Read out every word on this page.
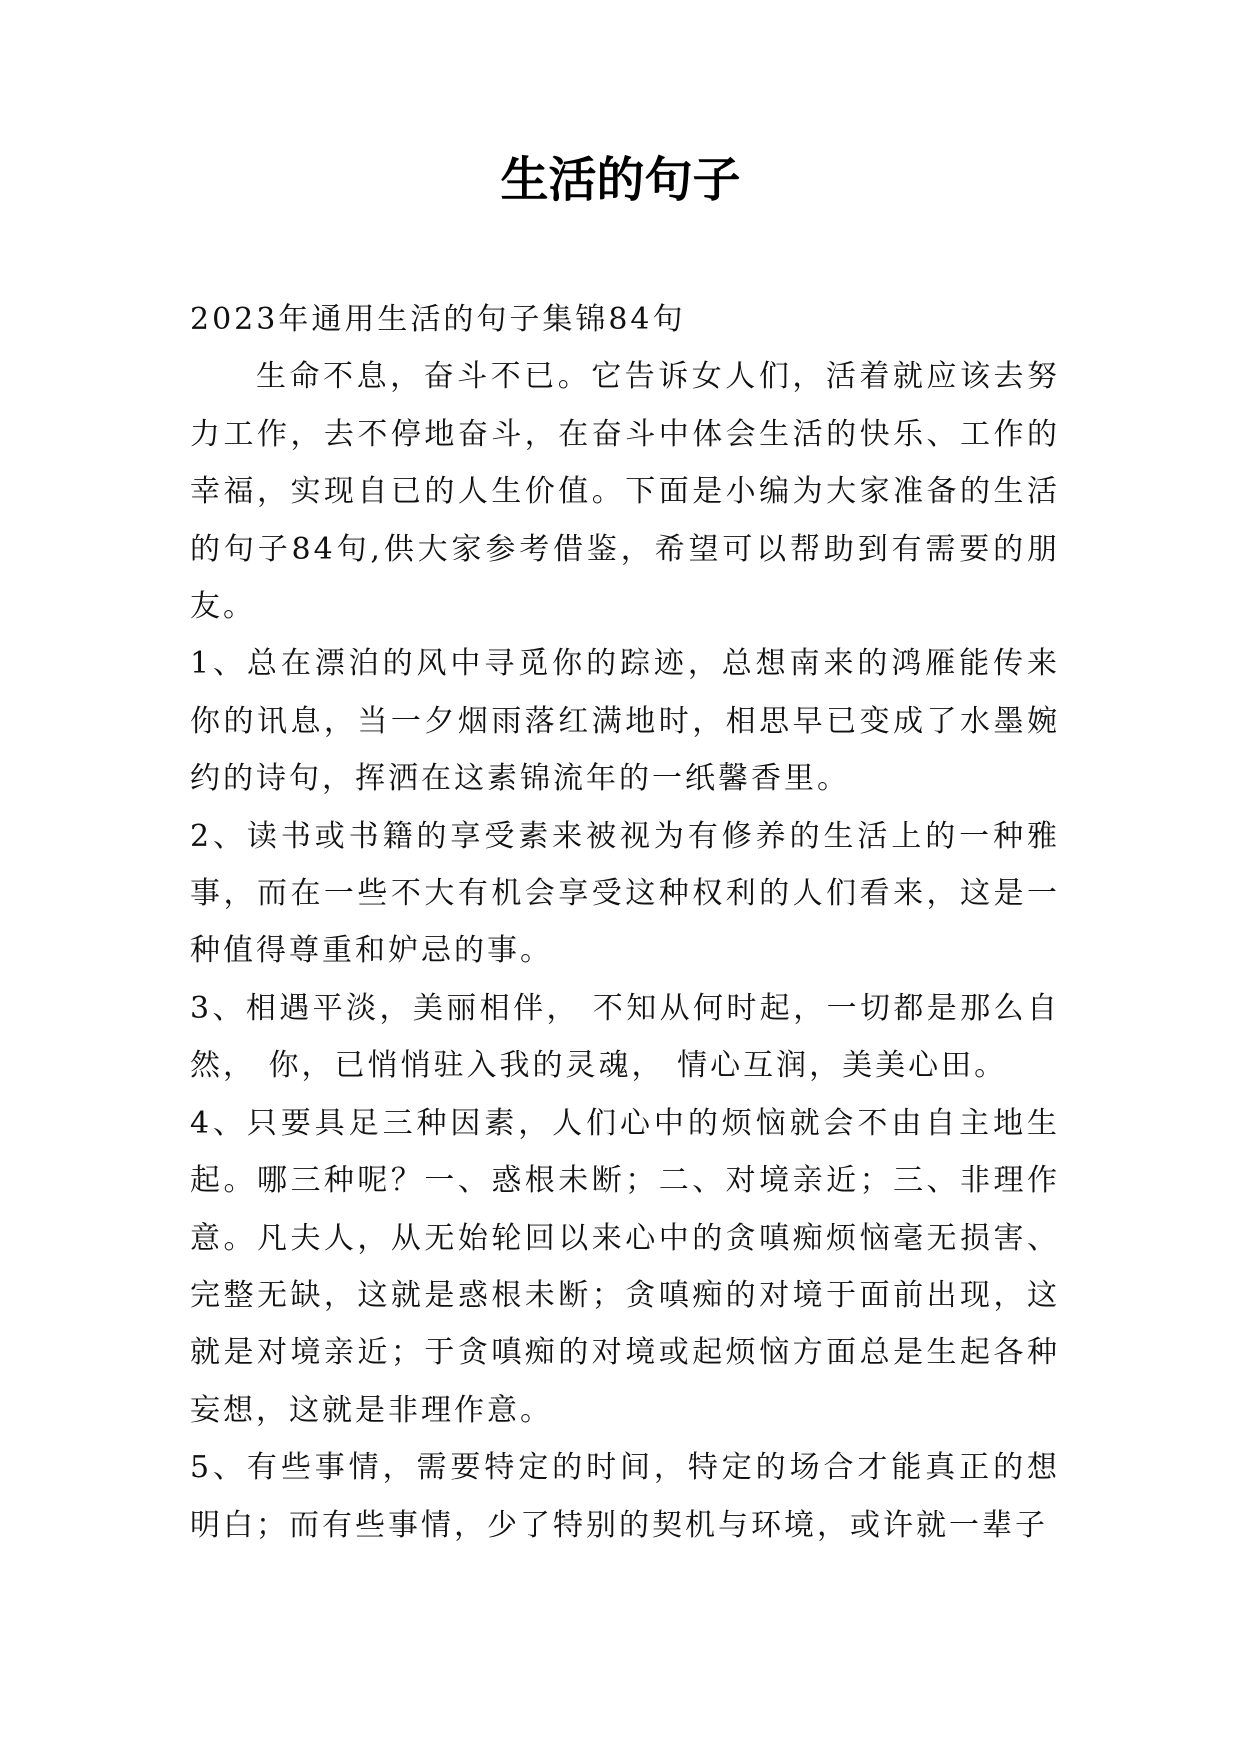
生活的句子

2023年通用生活的句子集锦84句

生命不息，奋斗不已。它告诉女人们，活着就应该去努力工作，去不停地奋斗，在奋斗中体会生活的快乐、工作的幸福，实现自已的人生价值。下面是小编为大家准备的生活的句子84句,供大家参考借鉴，希望可以帮助到有需要的朋友。

1、总在漂泊的风中寻觅你的踪迹，总想南来的鸿雁能传来你的讯息，当一夕烟雨落红满地时，相思早已变成了水墨婉约的诗句，挥洒在这素锦流年的一纸馨香里。

2、读书或书籍的享受素来被视为有修养的生活上的一种雅事，而在一些不大有机会享受这种权利的人们看来，这是一种值得尊重和妒忌的事。

3、相遇平淡，美丽相伴， 不知从何时起，一切都是那么自然， 你，已悄悄驻入我的灵魂， 情心互润，美美心田。

4、只要具足三种因素，人们心中的烦恼就会不由自主地生起。哪三种呢？一、惑根未断；二、对境亲近；三、非理作意。凡夫人，从无始轮回以来心中的贪嗔痴烦恼毫无损害、完整无缺，这就是惑根未断；贪嗔痴的对境于面前出现，这就是对境亲近；于贪嗔痴的对境或起烦恼方面总是生起各种妄想，这就是非理作意。

5、有些事情，需要特定的时间，特定的场合才能真正的想明白；而有些事情，少了特别的契机与环境，或许就一辈子
